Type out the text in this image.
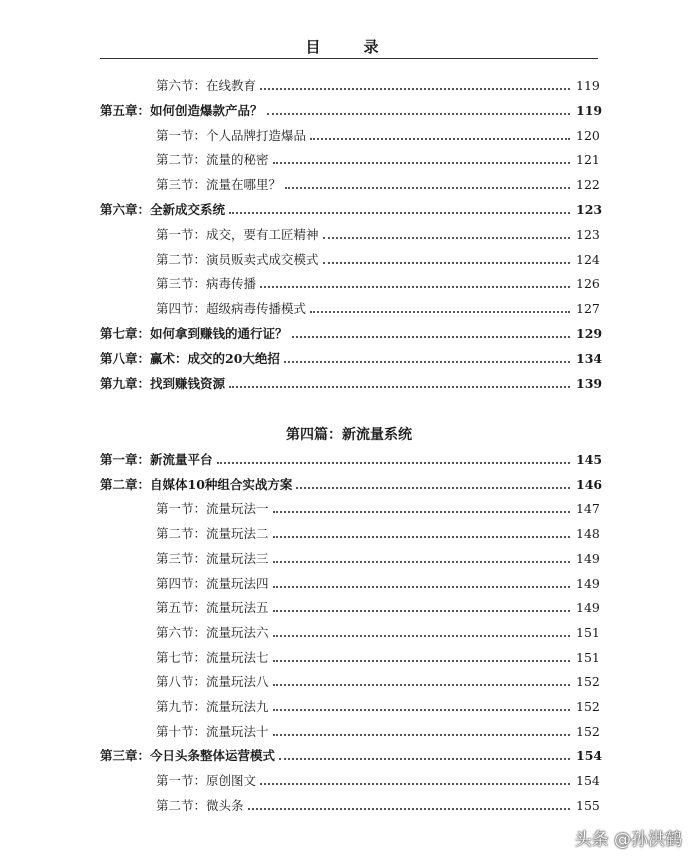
目　录
第六节：在线教育	119
第五章：如何创造爆款产品？	119
第一节：个人品牌打造爆品	120
第二节：流量的秘密	121
第三节：流量在哪里？	122
第六章：全新成交系统	123
第一节：成交，要有工匠精神	123
第二节：演员贩卖式成交模式	124
第三节：病毒传播	126
第四节：超级病毒传播模式	127
第七章：如何拿到赚钱的通行证？	129
第八章：赢术：成交的20大绝招	134
第九章：找到赚钱资源	139
第四篇：新流量系统
第一章：新流量平台	145
第二章：自媒体10种组合实战方案	146
第一节：流量玩法一	147
第二节：流量玩法二	148
第三节：流量玩法三	149
第四节：流量玩法四	149
第五节：流量玩法五	149
第六节：流量玩法六	151
第七节：流量玩法七	151
第八节：流量玩法八	152
第九节：流量玩法九	152
第十节：流量玩法十	152
第三章：今日头条整体运营模式	154
第一节：原创图文	154
第二节：微头条	155
头条 @孙洪鹤
